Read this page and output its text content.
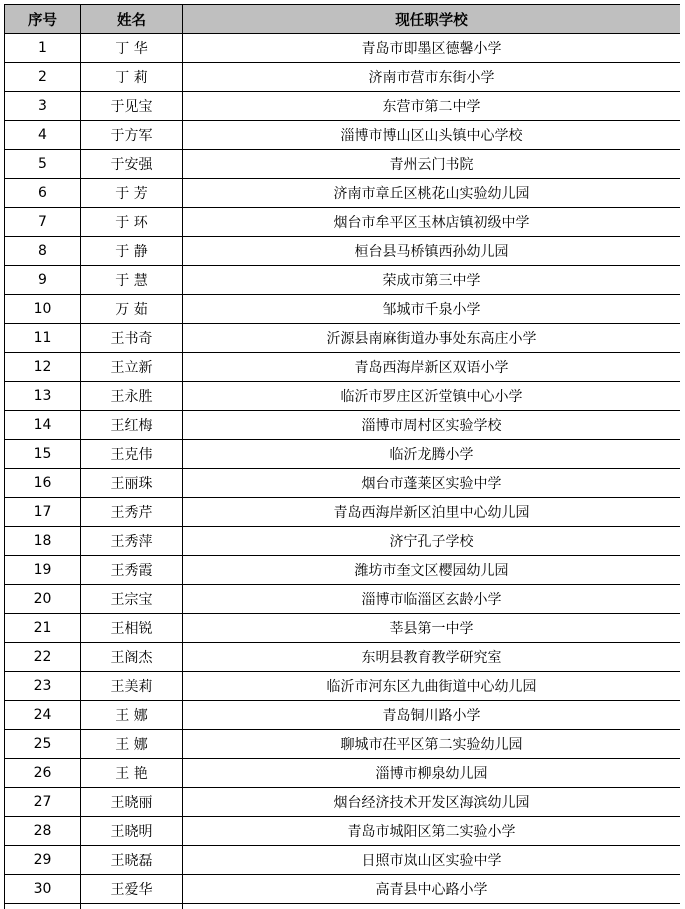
序号	姓名	现任职学校
1	丁 华	青岛市即墨区德馨小学
2	丁 莉	济南市营市东街小学
3	于见宝	东营市第二中学
4	于方军	淄博市博山区山头镇中心学校
5	于安强	青州云门书院
6	于 芳	济南市章丘区桃花山实验幼儿园
7	于 环	烟台市牟平区玉林店镇初级中学
8	于 静	桓台县马桥镇西孙幼儿园
9	于 慧	荣成市第三中学
10	万 茹	邹城市千泉小学
11	王书奇	沂源县南麻街道办事处东高庄小学
12	王立新	青岛西海岸新区双语小学
13	王永胜	临沂市罗庄区沂堂镇中心小学
14	王红梅	淄博市周村区实验学校
15	王克伟	临沂龙腾小学
16	王丽珠	烟台市蓬莱区实验中学
17	王秀芹	青岛西海岸新区泊里中心幼儿园
18	王秀萍	济宁孔子学校
19	王秀霞	潍坊市奎文区樱园幼儿园
20	王宗宝	淄博市临淄区玄龄小学
21	王相锐	莘县第一中学
22	王阁杰	东明县教育教学研究室
23	王美莉	临沂市河东区九曲街道中心幼儿园
24	王 娜	青岛铜川路小学
25	王 娜	聊城市茌平区第二实验幼儿园
26	王 艳	淄博市柳泉幼儿园
27	王晓丽	烟台经济技术开发区海滨幼儿园
28	王晓明	青岛市城阳区第二实验小学
29	王晓磊	日照市岚山区实验中学
30	王爱华	高青县中心路小学
